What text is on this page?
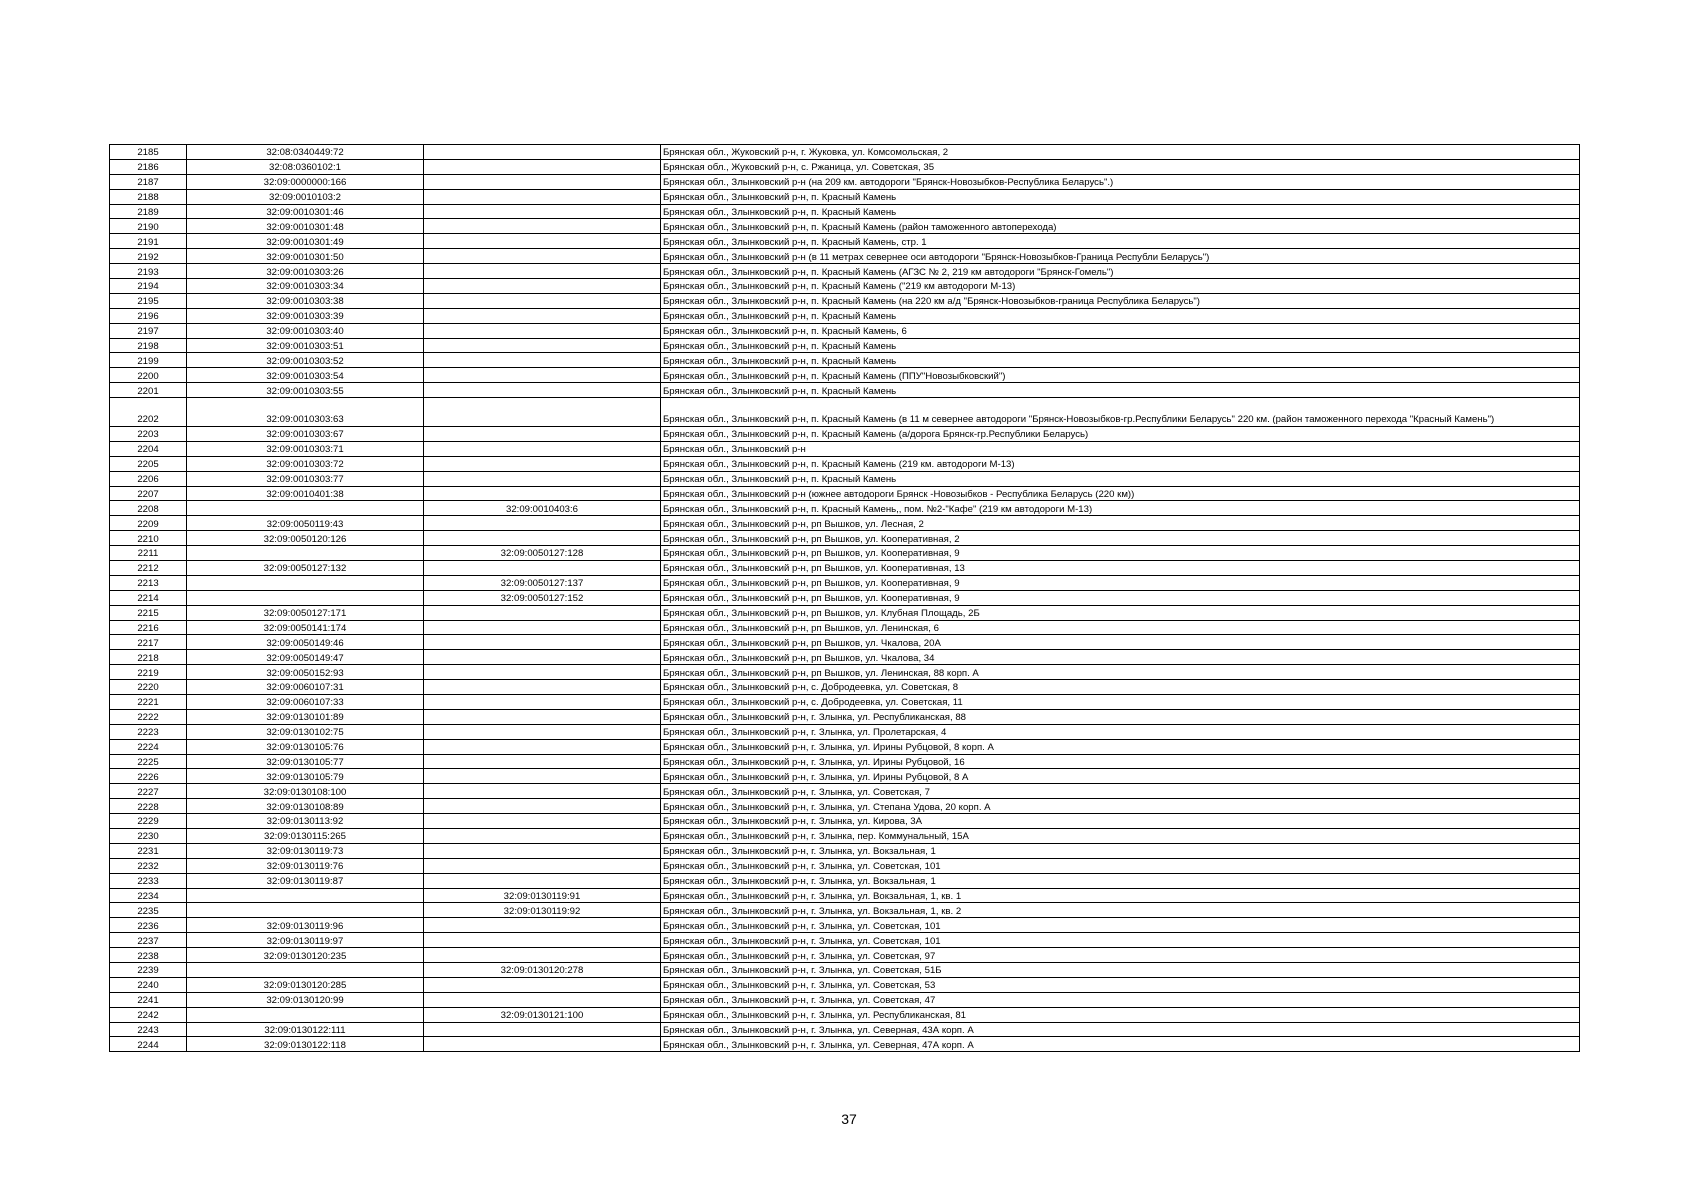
2185	32:08:0340449:72		Брянская обл., Жуковский р-н, г. Жуковка, ул. Комсомольская, 2
2186	32:08:0360102:1		Брянская обл., Жуковский р-н, с. Ржаница, ул. Советская, 35
2187	32:09:0000000:166		Брянская обл., Злынковский р-н (на 209 км. автодороги "Брянск-Новозыбков-Республика Беларусь".)
2188	32:09:0010103:2		Брянская обл., Злынковский р-н, п. Красный Камень
2189	32:09:0010301:46		Брянская обл., Злынковский р-н, п. Красный Камень
2190	32:09:0010301:48		Брянская обл., Злынковский р-н, п. Красный Камень (район таможенного автоперехода)
2191	32:09:0010301:49		Брянская обл., Злынковский р-н, п. Красный Камень, стр. 1
2192	32:09:0010301:50		Брянская обл., Злынковский р-н (в 11 метрах севернее оси автодороги "Брянск-Новозыбков-Граница Республи Беларусь")
2193	32:09:0010303:26		Брянская обл., Злынковский р-н, п. Красный Камень (АГЗС № 2, 219 км автодороги "Брянск-Гомель")
2194	32:09:0010303:34		Брянская обл., Злынковский р-н, п. Красный Камень ("219 км автодороги М-13)
2195	32:09:0010303:38		Брянская обл., Злынковский р-н, п. Красный Камень (на 220 км а/д "Брянск-Новозыбков-граница Республика Беларусь")
2196	32:09:0010303:39		Брянская обл., Злынковский р-н, п. Красный Камень
2197	32:09:0010303:40		Брянская обл., Злынковский р-н, п. Красный Камень, 6
2198	32:09:0010303:51		Брянская обл., Злынковский р-н, п. Красный Камень
2199	32:09:0010303:52		Брянская обл., Злынковский р-н, п. Красный Камень
2200	32:09:0010303:54		Брянская обл., Злынковский р-н, п. Красный Камень (ППУ"Новозыбковский")
2201	32:09:0010303:55		Брянская обл., Злынковский р-н, п. Красный Камень
2202	32:09:0010303:63		Брянская обл., Злынковский р-н, п. Красный Камень (в 11 м севернее автодороги "Брянск-Новозыбков-гр.Республики Беларусь" 220 км. (район таможенного перехода "Красный Камень")
2203	32:09:0010303:67		Брянская обл., Злынковский р-н, п. Красный Камень (а/дорога Брянск-гр.Республики Беларусь)
2204	32:09:0010303:71		Брянская обл., Злынковский р-н
2205	32:09:0010303:72		Брянская обл., Злынковский р-н, п. Красный Камень (219 км. автодороги М-13)
2206	32:09:0010303:77		Брянская обл., Злынковский р-н, п. Красный Камень
2207	32:09:0010401:38		Брянская обл., Злынковский р-н (южнее автодороги Брянск -Новозыбков - Республика Беларусь (220 км))
2208		32:09:0010403:6	Брянская обл., Злынковский р-н, п. Красный Камень,, пом. №2-"Кафе" (219 км автодороги М-13)
2209	32:09:0050119:43		Брянская обл., Злынковский р-н, рп Вышков, ул. Лесная, 2
2210	32:09:0050120:126		Брянская обл., Злынковский р-н, рп Вышков, ул. Кооперативная, 2
2211		32:09:0050127:128	Брянская обл., Злынковский р-н, рп Вышков, ул. Кооперативная, 9
2212	32:09:0050127:132		Брянская обл., Злынковский р-н, рп Вышков, ул. Кооперативная, 13
2213		32:09:0050127:137	Брянская обл., Злынковский р-н, рп Вышков, ул. Кооперативная, 9
2214		32:09:0050127:152	Брянская обл., Злынковский р-н, рп Вышков, ул. Кооперативная, 9
2215	32:09:0050127:171		Брянская обл., Злынковский р-н, рп Вышков, ул. Клубная Площадь, 2Б
2216	32:09:0050141:174		Брянская обл., Злынковский р-н, рп Вышков, ул. Ленинская, 6
2217	32:09:0050149:46		Брянская обл., Злынковский р-н, рп Вышков, ул. Чкалова, 20А
2218	32:09:0050149:47		Брянская обл., Злынковский р-н, рп Вышков, ул. Чкалова, 34
2219	32:09:0050152:93		Брянская обл., Злынковский р-н, рп Вышков, ул. Ленинская, 88 корп. А
2220	32:09:0060107:31		Брянская обл., Злынковский р-н, с. Добродеевка, ул. Советская, 8
2221	32:09:0060107:33		Брянская обл., Злынковский р-н, с. Добродеевка, ул. Советская, 11
2222	32:09:0130101:89		Брянская обл., Злынковский р-н, г. Злынка, ул. Республиканская, 88
2223	32:09:0130102:75		Брянская обл., Злынковский р-н, г. Злынка, ул. Пролетарская, 4
2224	32:09:0130105:76		Брянская обл., Злынковский р-н, г. Злынка, ул. Ирины Рубцовой, 8 корп. А
2225	32:09:0130105:77		Брянская обл., Злынковский р-н, г. Злынка, ул. Ирины Рубцовой, 16
2226	32:09:0130105:79		Брянская обл., Злынковский р-н, г. Злынка, ул. Ирины Рубцовой, 8 А
2227	32:09:0130108:100		Брянская обл., Злынковский р-н, г. Злынка, ул. Советская, 7
2228	32:09:0130108:89		Брянская обл., Злынковский р-н, г. Злынка, ул. Степана Удова, 20 корп. А
2229	32:09:0130113:92		Брянская обл., Злынковский р-н, г. Злынка, ул. Кирова, 3А
2230	32:09:0130115:265		Брянская обл., Злынковский р-н, г. Злынка, пер. Коммунальный, 15А
2231	32:09:0130119:73		Брянская обл., Злынковский р-н, г. Злынка, ул. Вокзальная, 1
2232	32:09:0130119:76		Брянская обл., Злынковский р-н, г. Злынка, ул. Советская, 101
2233	32:09:0130119:87		Брянская обл., Злынковский р-н, г. Злынка, ул. Вокзальная, 1
2234		32:09:0130119:91	Брянская обл., Злынковский р-н, г. Злынка, ул. Вокзальная, 1, кв. 1
2235		32:09:0130119:92	Брянская обл., Злынковский р-н, г. Злынка, ул. Вокзальная, 1, кв. 2
2236	32:09:0130119:96		Брянская обл., Злынковский р-н, г. Злынка, ул. Советская, 101
2237	32:09:0130119:97		Брянская обл., Злынковский р-н, г. Злынка, ул. Советская, 101
2238	32:09:0130120:235		Брянская обл., Злынковский р-н, г. Злынка, ул. Советская, 97
2239		32:09:0130120:278	Брянская обл., Злынковский р-н, г. Злынка, ул. Советская, 51Б
2240	32:09:0130120:285		Брянская обл., Злынковский р-н, г. Злынка, ул. Советская, 53
2241	32:09:0130120:99		Брянская обл., Злынковский р-н, г. Злынка, ул. Советская, 47
2242		32:09:0130121:100	Брянская обл., Злынковский р-н, г. Злынка, ул. Республиканская, 81
2243	32:09:0130122:111		Брянская обл., Злынковский р-н, г. Злынка, ул. Северная, 43А корп. А
2244	32:09:0130122:118		Брянская обл., Злынковский р-н, г. Злынка, ул. Северная, 47А корп. А
37
